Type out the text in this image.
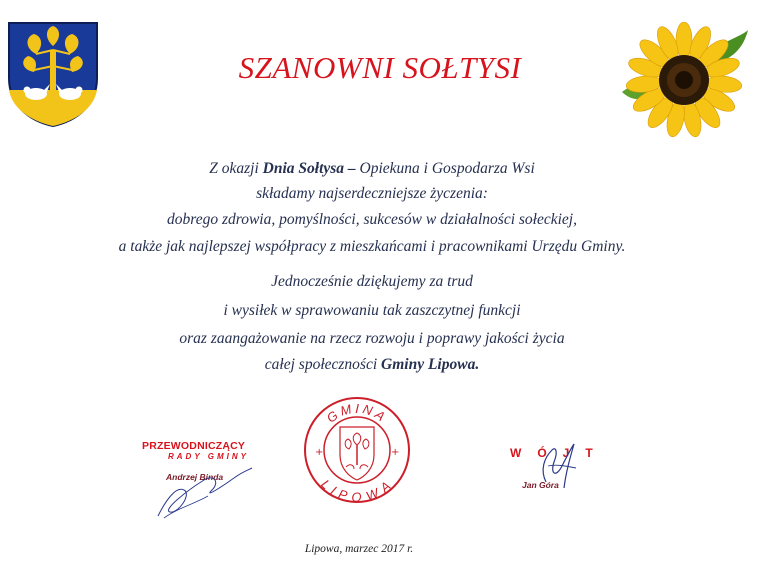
SZANOWNI SOŁTYSI
Z okazji Dnia Sołtysa – Opiekuna i Gospodarza Wsi
składamy najserdeczniejsze życzenia:
dobrego zdrowia, pomyślności, sukcesów w działalności sołeckiej,
a także jak najlepszej współpracy z mieszkańcami i pracownikami Urzędu Gminy.
Jednocześnie dziękujemy za trud
i wysiłek w sprawowaniu tak zaszczytnej funkcji
oraz zaangażowanie na rzecz rozwoju i poprawy jakości życia
całej społeczności Gminy Lipowa.
PRZEWODNICZĄCY
RADY GMINY
Andrzej Binda
GMINA
LIPOWA
+	+	WÓJT
Jan Góra
Lipowa, marzec 2017 r.
